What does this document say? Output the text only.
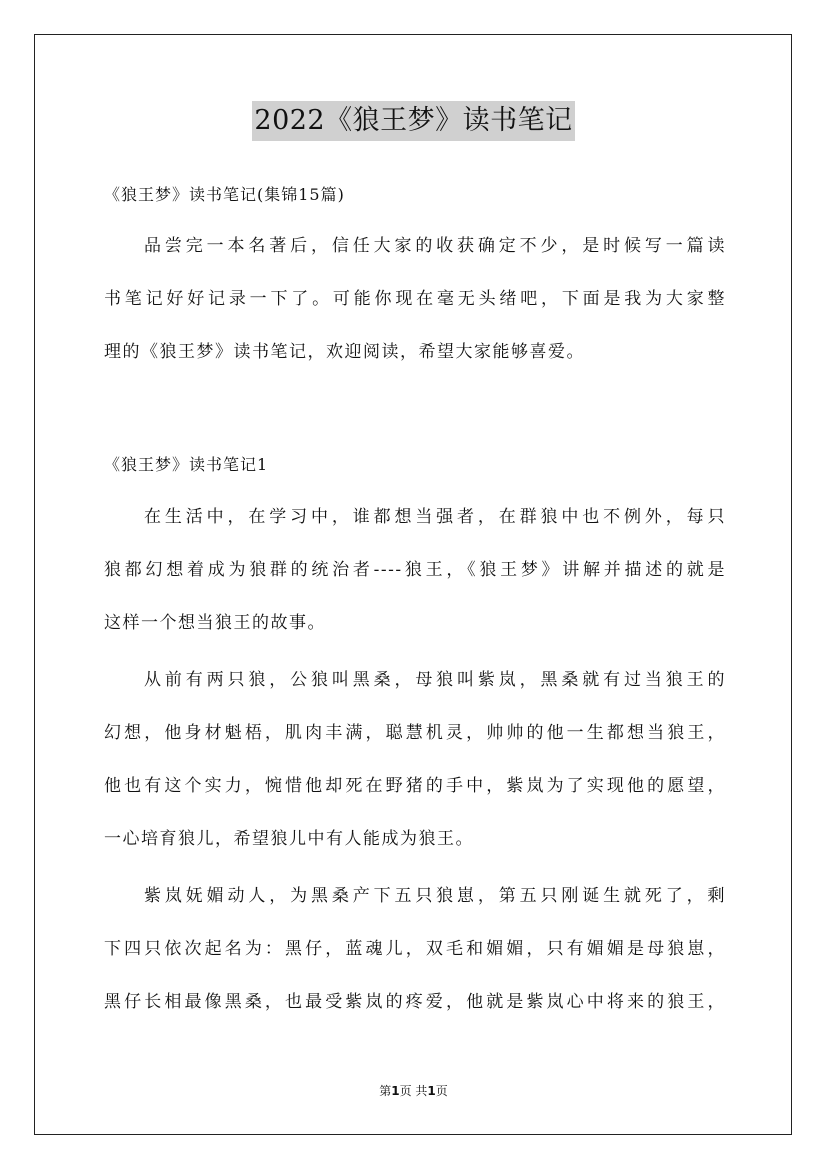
2022《狼王梦》读书笔记
《狼王梦》读书笔记(集锦15篇)
品尝完一本名著后，信任大家的收获确定不少，是时候写一篇读
书笔记好好记录一下了。可能你现在毫无头绪吧，下面是我为大家整
理的《狼王梦》读书笔记，欢迎阅读，希望大家能够喜爱。
《狼王梦》读书笔记1
在生活中，在学习中，谁都想当强者，在群狼中也不例外，每只
狼都幻想着成为狼群的统治者----狼王，《狼王梦》讲解并描述的就是
这样一个想当狼王的故事。
从前有两只狼，公狼叫黑桑，母狼叫紫岚，黑桑就有过当狼王的
幻想，他身材魁梧，肌肉丰满，聪慧机灵，帅帅的他一生都想当狼王，
他也有这个实力，惋惜他却死在野猪的手中，紫岚为了实现他的愿望，
一心培育狼儿，希望狼儿中有人能成为狼王。
紫岚妩媚动人，为黑桑产下五只狼崽，第五只刚诞生就死了，剩
下四只依次起名为：黑仔，蓝魂儿，双毛和媚媚，只有媚媚是母狼崽，
黑仔长相最像黑桑，也最受紫岚的疼爱，他就是紫岚心中将来的狼王，
第1页 共1页
